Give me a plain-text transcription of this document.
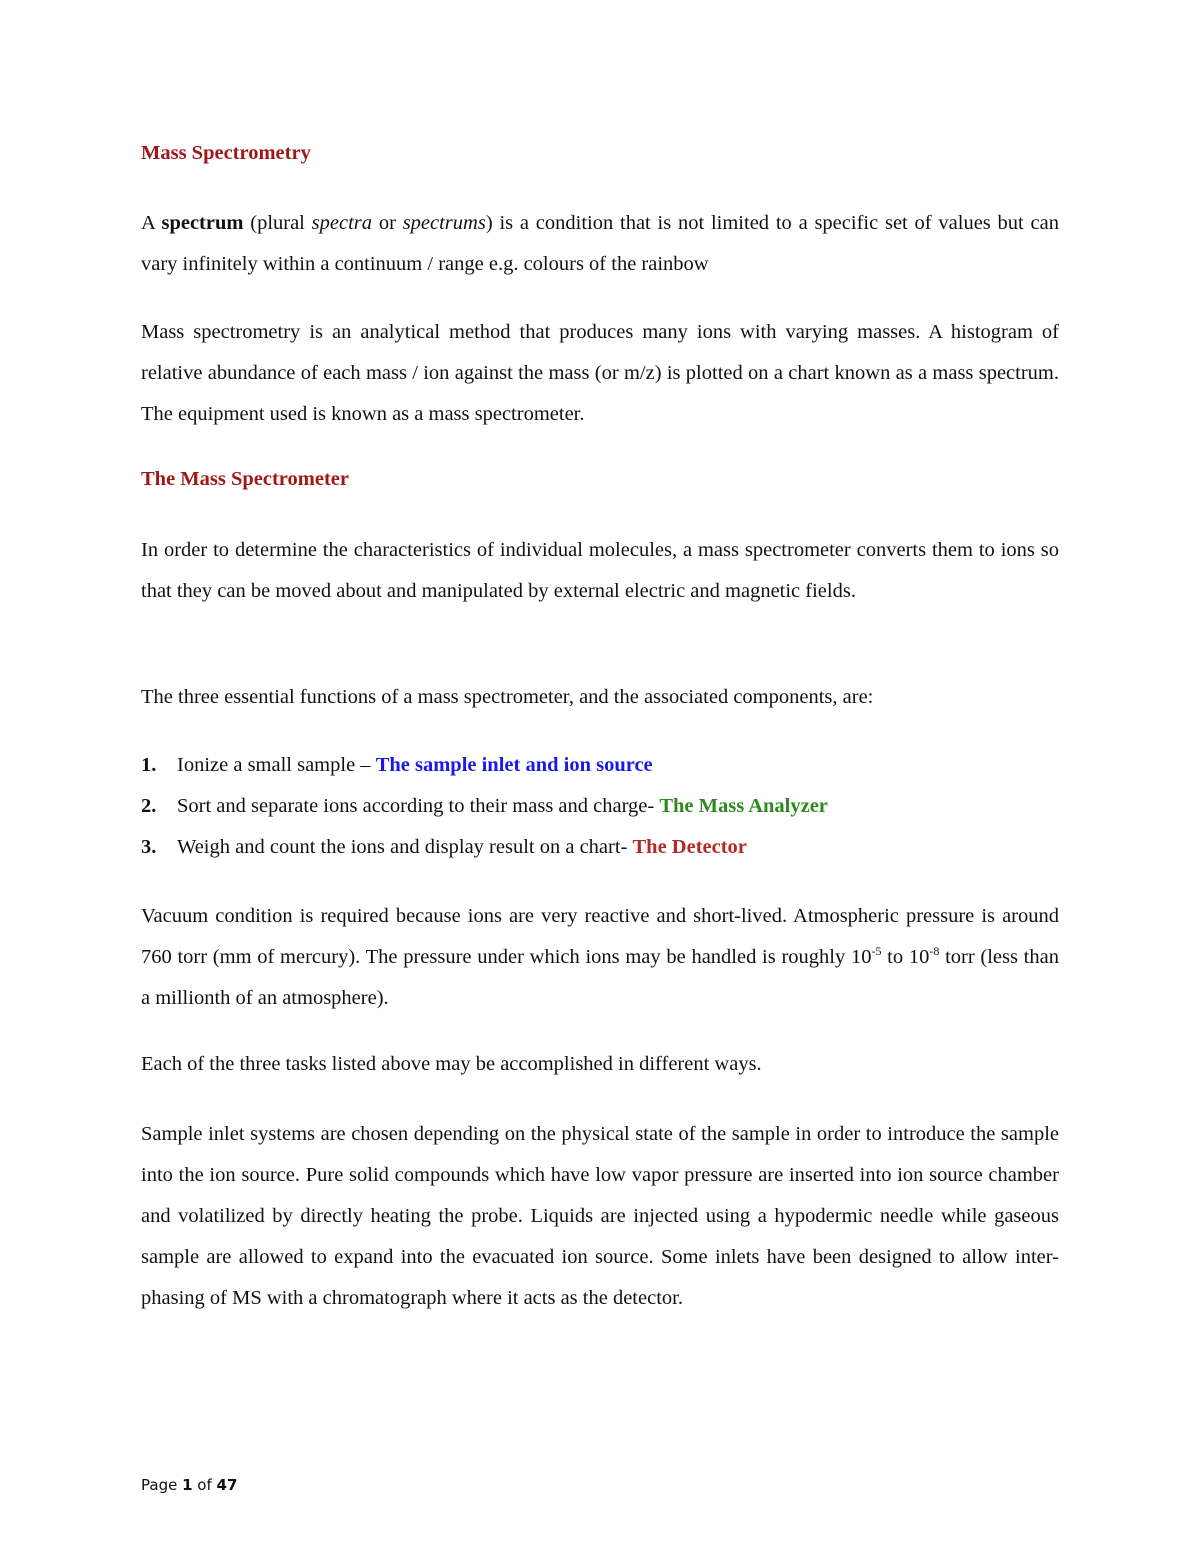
Mass Spectrometry
A spectrum (plural spectra or spectrums) is a condition that is not limited to a specific set of values but can vary infinitely within a continuum / range e.g. colours of the rainbow
Mass spectrometry is an analytical method that produces many ions with varying masses. A histogram of relative abundance of each mass / ion against the mass (or m/z) is plotted on a chart known as a mass spectrum. The equipment used is known as a mass spectrometer.
The Mass Spectrometer
In order to determine the characteristics of individual molecules, a mass spectrometer converts them to ions so that they can be moved about and manipulated by external electric and magnetic fields.
The three essential functions of a mass spectrometer, and the associated components, are:
1. Ionize a small sample – The sample inlet and ion source
2. Sort and separate ions according to their mass and charge- The Mass Analyzer
3. Weigh and count the ions and display result on a chart- The Detector
Vacuum condition is required because ions are very reactive and short-lived. Atmospheric pressure is around 760 torr (mm of mercury). The pressure under which ions may be handled is roughly $10^{-5}$ to $10^{-8}$ torr (less than a millionth of an atmosphere).
Each of the three tasks listed above may be accomplished in different ways.
Sample inlet systems are chosen depending on the physical state of the sample in order to introduce the sample into the ion source. Pure solid compounds which have low vapor pressure are inserted into ion source chamber and volatilized by directly heating the probe. Liquids are injected using a hypodermic needle while gaseous sample are allowed to expand into the evacuated ion source. Some inlets have been designed to allow inter-phasing of MS with a chromatograph where it acts as the detector.
Page 1 of 47
